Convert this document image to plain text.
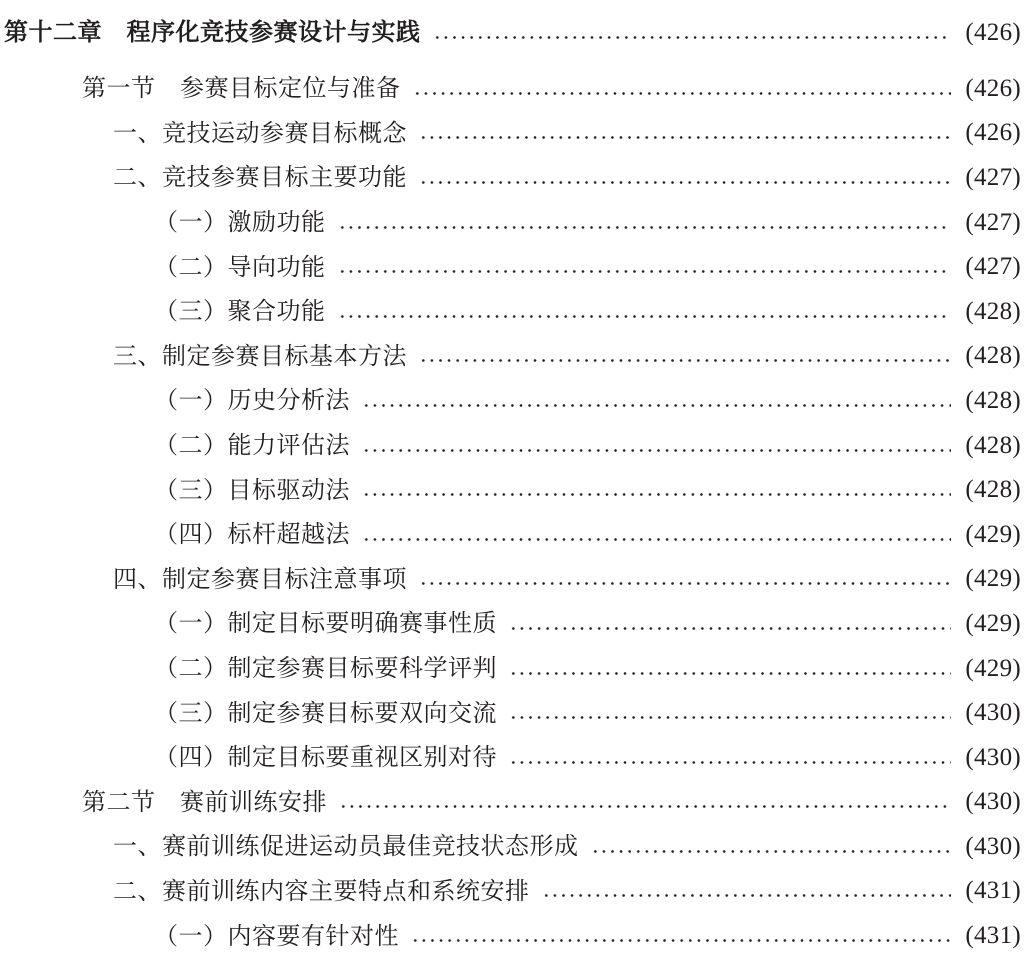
第十二章  程序化竞技参赛设计与实践	(426)
第一节　参赛目标定位与准备	(426)
一、竞技运动参赛目标概念	(426)
二、竞技参赛目标主要功能	(427)
（一）激励功能	(427)
（二）导向功能	(427)
（三）聚合功能	(428)
三、制定参赛目标基本方法	(428)
（一）历史分析法	(428)
（二）能力评估法	(428)
（三）目标驱动法	(428)
（四）标杆超越法	(429)
四、制定参赛目标注意事项	(429)
（一）制定目标要明确赛事性质	(429)
（二）制定参赛目标要科学评判	(429)
（三）制定参赛目标要双向交流	(430)
（四）制定目标要重视区别对待	(430)
第二节　赛前训练安排	(430)
一、赛前训练促进运动员最佳竞技状态形成	(430)
二、赛前训练内容主要特点和系统安排	(431)
（一）内容要有针对性	(431)
